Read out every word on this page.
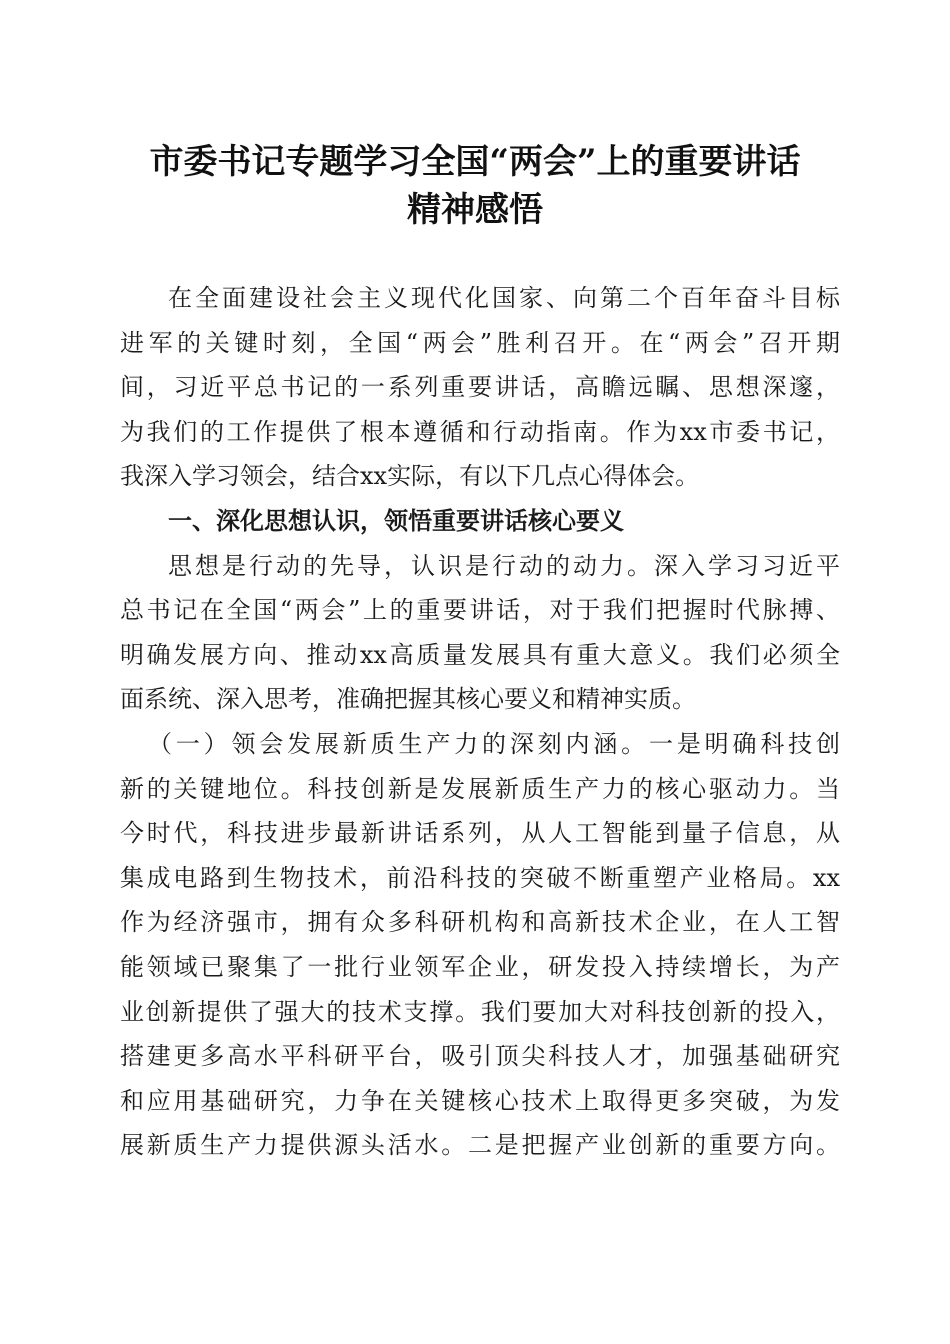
市委书记专题学习全国“两会”上的重要讲话
精神感悟
在全面建设社会主义现代化国家、向第二个百年奋斗目标
进军的关键时刻，全国“两会”胜利召开。在“两会”召开期
间，习近平总书记的一系列重要讲话，高瞻远瞩、思想深邃，
为我们的工作提供了根本遵循和行动指南。作为xx市委书记，
我深入学习领会，结合xx实际，有以下几点心得体会。
一、深化思想认识，领悟重要讲话核心要义
思想是行动的先导，认识是行动的动力。深入学习习近平
总书记在全国“两会”上的重要讲话，对于我们把握时代脉搏、
明确发展方向、推动xx高质量发展具有重大意义。我们必须全
面系统、深入思考，准确把握其核心要义和精神实质。
（一）领会发展新质生产力的深刻内涵。一是明确科技创
新的关键地位。科技创新是发展新质生产力的核心驱动力。当
今时代，科技进步最新讲话系列，从人工智能到量子信息，从
集成电路到生物技术，前沿科技的突破不断重塑产业格局。xx
作为经济强市，拥有众多科研机构和高新技术企业，在人工智
能领域已聚集了一批行业领军企业，研发投入持续增长，为产
业创新提供了强大的技术支撑。我们要加大对科技创新的投入，
搭建更多高水平科研平台，吸引顶尖科技人才，加强基础研究
和应用基础研究，力争在关键核心技术上取得更多突破，为发
展新质生产力提供源头活水。二是把握产业创新的重要方向。
